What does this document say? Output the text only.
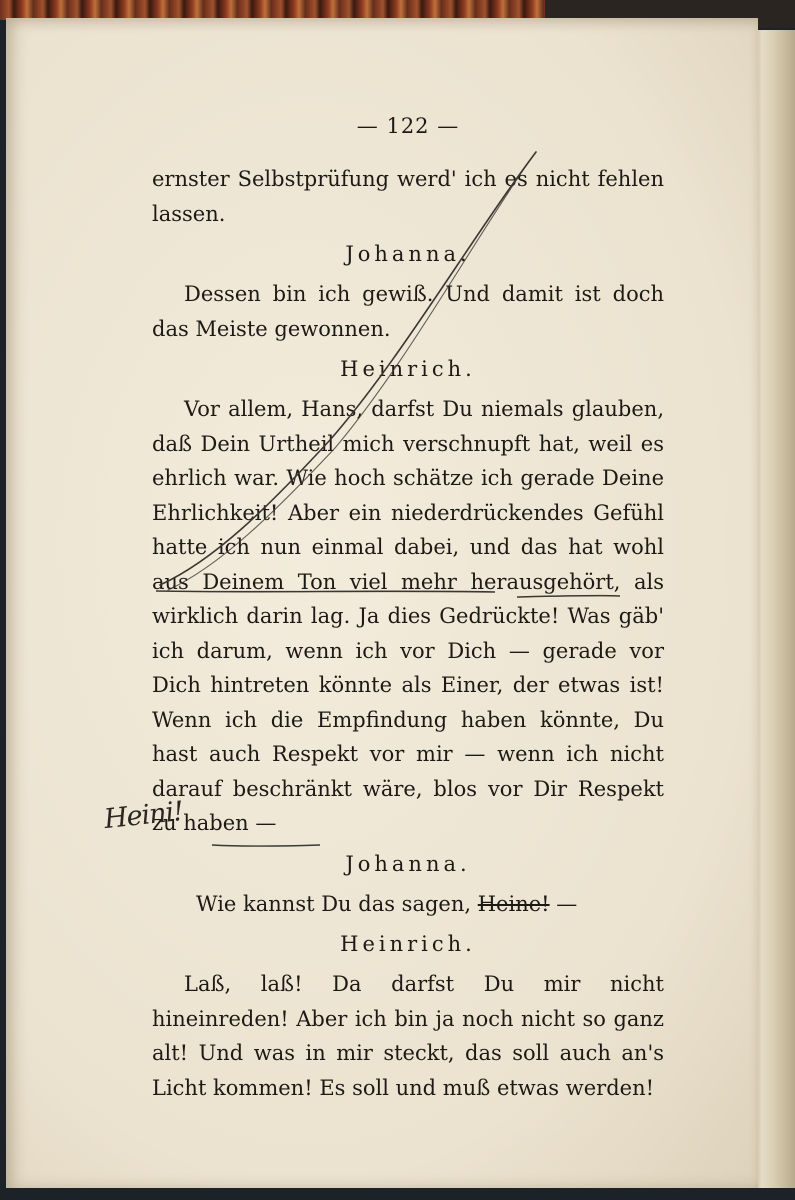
— 122 —

ernster Selbstprüfung werd' ich es nicht fehlen lassen.

Johanna.

Dessen bin ich gewiß. Und damit ist doch das Meiste gewonnen.

Heinrich.

Vor allem, Hans, darfst Du niemals glauben, daß Dein Urtheil mich verschnupft hat, weil es ehrlich war. Wie hoch schätze ich gerade Deine Ehrlichkeit! Aber ein niederdrückendes Gefühl hatte ich nun einmal dabei, und das hat wohl aus Deinem Ton viel mehr herausgehört, als wirklich darin lag. Ja dies Gedrückte! Was gäb' ich darum, wenn ich vor Dich — gerade vor Dich hintreten könnte als Einer, der etwas ist! Wenn ich die Empfindung haben könnte, Du hast auch Respekt vor mir — wenn ich nicht darauf beschränkt wäre, blos vor Dir Respekt zu haben —

Johanna.

Wie kannst Du das sagen, Heine! —

Heinrich.

Laß, laß! Da darfst Du mir nicht hineinreden! Aber ich bin ja noch nicht so ganz alt! Und was in mir steckt, das soll auch an's Licht kommen! Es soll und muß etwas werden!

Heini!
